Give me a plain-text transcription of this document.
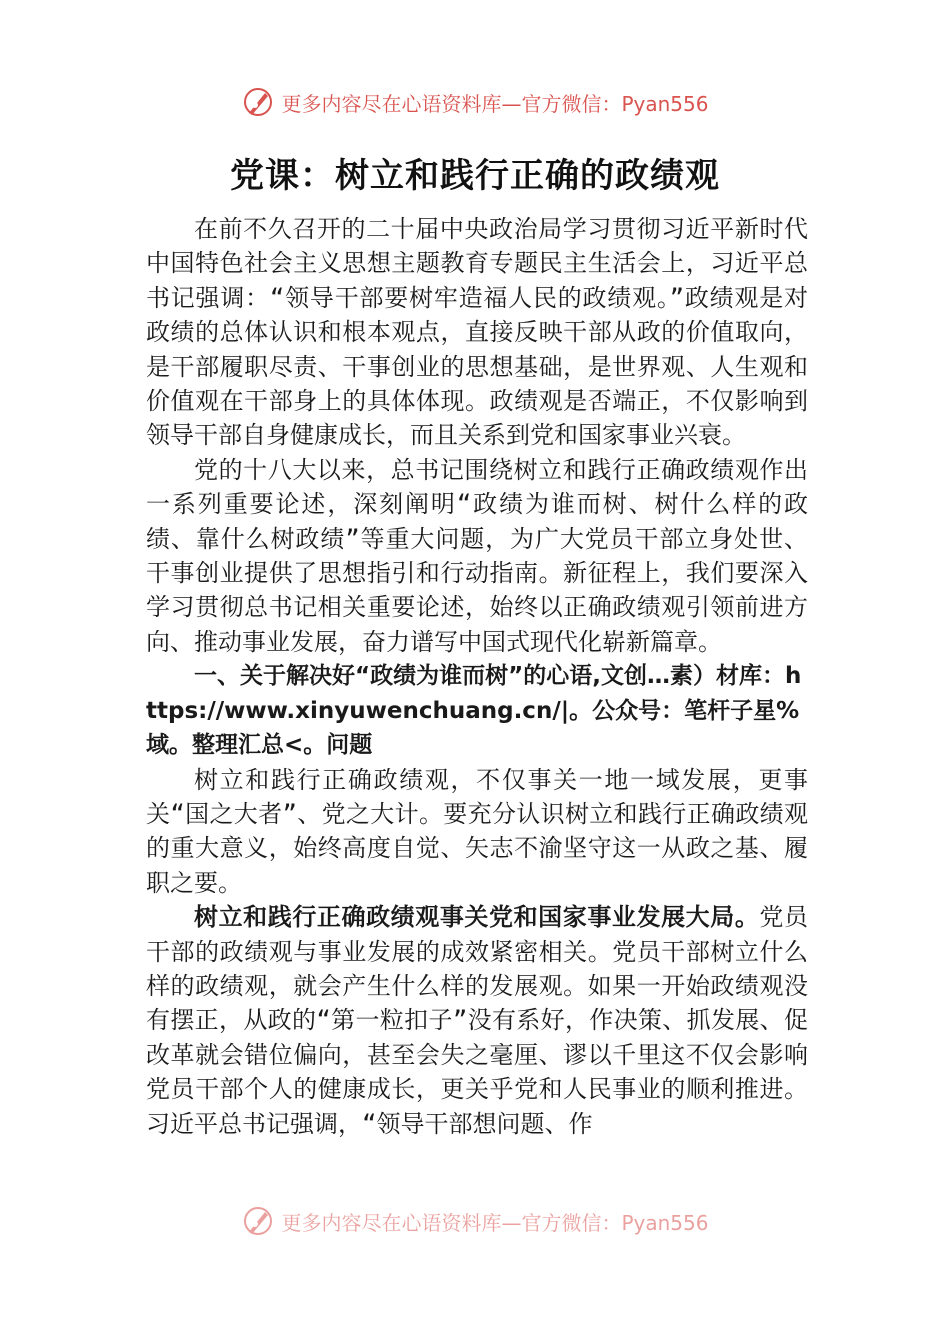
更多内容尽在心语资料库—官方微信：Pyan556
党课：树立和践行正确的政绩观

在前不久召开的二十届中央政治局学习贯彻习近平新时代中国特色社会主义思想主题教育专题民主生活会上，习近平总书记强调：“领导干部要树牢造福人民的政绩观。”政绩观是对政绩的总体认识和根本观点，直接反映干部从政的价值取向，是干部履职尽责、干事创业的思想基础，是世界观、人生观和价值观在干部身上的具体体现。政绩观是否端正，不仅影响到领导干部自身健康成长，而且关系到党和国家事业兴衰。

党的十八大以来，总书记围绕树立和践行正确政绩观作出一系列重要论述，深刻阐明“政绩为谁而树、树什么样的政绩、靠什么树政绩”等重大问题，为广大党员干部立身处世、干事创业提供了思想指引和行动指南。新征程上，我们要深入学习贯彻总书记相关重要论述，始终以正确政绩观引领前进方向、推动事业发展，奋力谱写中国式现代化崭新篇章。

一、关于解决好“政绩为谁而树”的心语,文创…素）材库：https://www.xinyuwenchuang.cn/|。公众号：笔杆子星%域。整理汇总<。问题

树立和践行正确政绩观，不仅事关一地一域发展，更事关“国之大者”、党之大计。要充分认识树立和践行正确政绩观的重大意义，始终高度自觉、矢志不渝坚守这一从政之基、履职之要。

树立和践行正确政绩观事关党和国家事业发展大局。党员干部的政绩观与事业发展的成效紧密相关。党员干部树立什么样的政绩观，就会产生什么样的发展观。如果一开始政绩观没有摆正，从政的“第一粒扣子”没有系好，作决策、抓发展、促改革就会错位偏向，甚至会失之毫厘、谬以千里这不仅会影响党员干部个人的健康成长，更关乎党和人民事业的顺利推进。习近平总书记强调，“领导干部想问题、作

更多内容尽在心语资料库—官方微信：Pyan556
